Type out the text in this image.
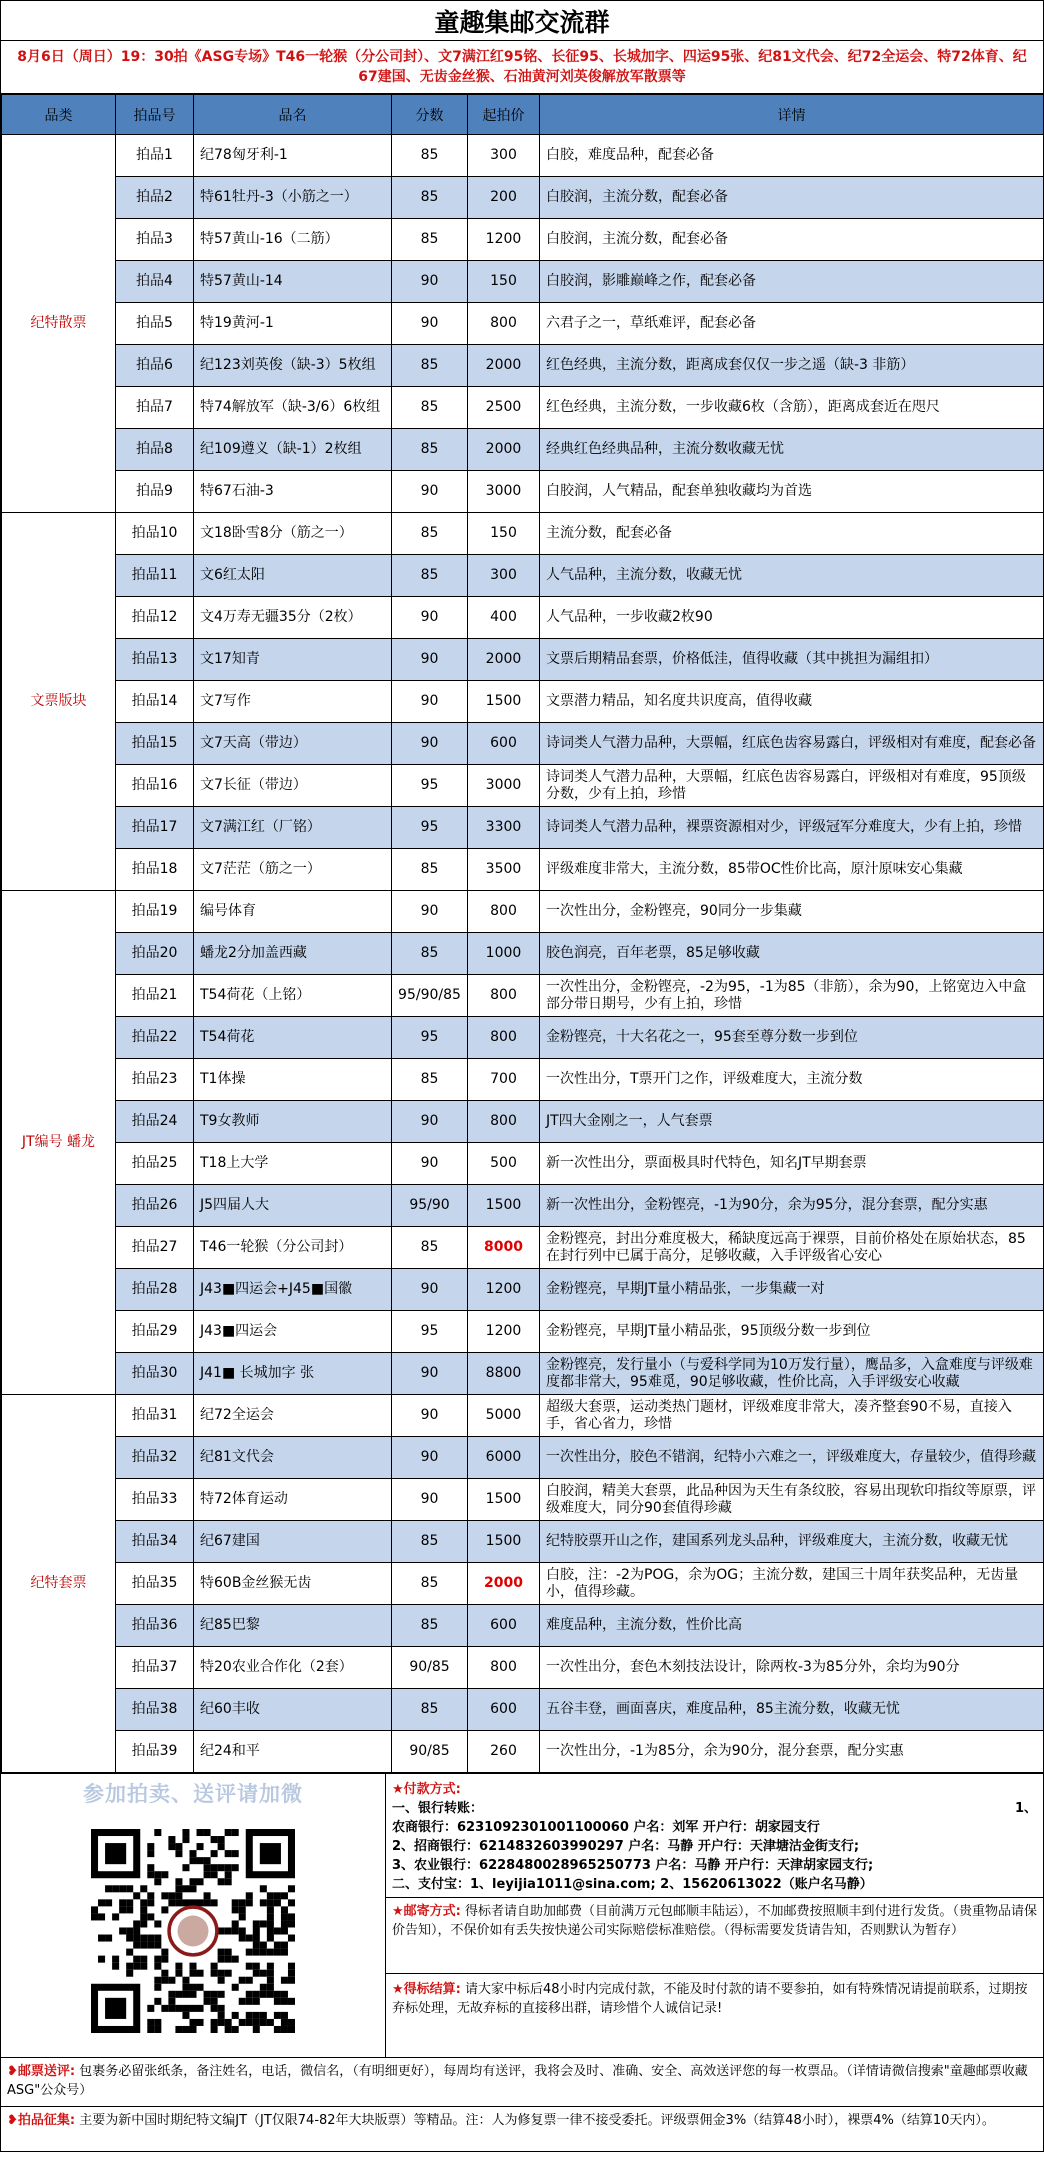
童趣集邮交流群
8月6日（周日）19：30拍《ASG专场》T46一轮猴（分公司封）、文7满江红95铭、长征95、长城加字、四运95张、纪81文代会、纪72全运会、特72体育、纪67建国、无齿金丝猴、石油黄河刘英俊解放军散票等
品类	拍品号	品名	分数	起拍价	详情
纪特散票	拍品1	纪78匈牙利-1	85	300	白胶，难度品种，配套必备
	拍品2	特61牡丹-3（小筋之一）	85	200	白胶润，主流分数，配套必备
	拍品3	特57黄山-16（二筋）	85	1200	白胶润，主流分数，配套必备
	拍品4	特57黄山-14	90	150	白胶润，影雕巅峰之作，配套必备
	拍品5	特19黄河-1	90	800	六君子之一，草纸难评，配套必备
	拍品6	纪123刘英俊（缺-3）5枚组	85	2000	红色经典，主流分数，距离成套仅仅一步之遥（缺-3 非筋）
	拍品7	特74解放军（缺-3/6）6枚组	85	2500	红色经典，主流分数，一步收藏6枚（含筋），距离成套近在咫尺
	拍品8	纪109遵义（缺-1）2枚组	85	2000	经典红色经典品种，主流分数收藏无忧
	拍品9	特67石油-3	90	3000	白胶润，人气精品，配套单独收藏均为首选
文票版块	拍品10	文18卧雪8分（筋之一）	85	150	主流分数，配套必备
	拍品11	文6红太阳	85	300	人气品种，主流分数，收藏无忧
	拍品12	文4万寿无疆35分（2枚）	90	400	人气品种，一步收藏2枚90
	拍品13	文17知青	90	2000	文票后期精品套票，价格低洼，值得收藏（其中挑担为漏组扣）
	拍品14	文7写作	90	1500	文票潜力精品，知名度共识度高，值得收藏
	拍品15	文7天高（带边）	90	600	诗词类人气潜力品种，大票幅，红底色齿容易露白，评级相对有难度，配套必备
	拍品16	文7长征（带边）	95	3000	诗词类人气潜力品种，大票幅，红底色齿容易露白，评级相对有难度，95顶级分数，少有上拍，珍惜
	拍品17	文7满江红（厂铭）	95	3300	诗词类人气潜力品种，裸票资源相对少，评级冠军分难度大，少有上拍，珍惜
	拍品18	文7茫茫（筋之一）	85	3500	评级难度非常大，主流分数，85带OC性价比高，原汁原味安心集藏
JT编号 蟠龙	拍品19	编号体育	90	800	一次性出分，金粉铿亮，90同分一步集藏
	拍品20	蟠龙2分加盖西藏	85	1000	胶色润亮，百年老票，85足够收藏
	拍品21	T54荷花（上铭）	95/90/85	800	一次性出分，金粉铿亮，-2为95，-1为85（非筋），余为90，上铭宽边入中盒部分带日期号，少有上拍，珍惜
	拍品22	T54荷花	95	800	金粉铿亮，十大名花之一，95套至尊分数一步到位
	拍品23	T1体操	85	700	一次性出分，T票开门之作，评级难度大，主流分数
	拍品24	T9女教师	90	800	JT四大金刚之一，人气套票
	拍品25	T18上大学	90	500	新一次性出分，票面极具时代特色，知名JT早期套票
	拍品26	J5四届人大	95/90	1500	新一次性出分，金粉铿亮，-1为90分，余为95分，混分套票，配分实惠
	拍品27	T46一轮猴（分公司封）	85	8000	金粉铿亮，封出分难度极大，稀缺度远高于裸票，目前价格处在原始状态，85在封行列中已属于高分，足够收藏，入手评级省心安心
	拍品28	J43■四运会+J45■国徽	90	1200	金粉铿亮，早期JT量小精品张，一步集藏一对
	拍品29	J43■四运会	95	1200	金粉铿亮，早期JT量小精品张，95顶级分数一步到位
	拍品30	J41■ 长城加字 张	90	8800	金粉铿亮，发行量小（与爱科学同为10万发行量），鹰品多，入盒难度与评级难度都非常大，95难觅，90足够收藏，性价比高，入手评级安心收藏
纪特套票	拍品31	纪72全运会	90	5000	超级大套票，运动类热门题材，评级难度非常大，凑齐整套90不易，直接入手，省心省力，珍惜
	拍品32	纪81文代会	90	6000	一次性出分，胶色不错润，纪特小六难之一，评级难度大，存量较少，值得珍藏
	拍品33	特72体育运动	90	1500	白胶润，精美大套票，此品种因为天生有条纹胶，容易出现软印指纹等原票，评级难度大，同分90套值得珍藏
	拍品34	纪67建国	85	1500	纪特胶票开山之作，建国系列龙头品种，评级难度大，主流分数，收藏无忧
	拍品35	特60B金丝猴无齿	85	2000	白胶，注：-2为POG，余为OG；主流分数，建国三十周年获奖品种，无齿量小，值得珍藏。
	拍品36	纪85巴黎	85	600	难度品种，主流分数，性价比高
	拍品37	特20农业合作化（2套）	90/85	800	一次性出分，套色木刻技法设计，除两枚-3为85分外，余均为90分
	拍品38	纪60丰收	85	600	五谷丰登，画面喜庆，难度品种，85主流分数，收藏无忧
	拍品39	纪24和平	90/85	260	一次性出分，-1为85分，余为90分，混分套票，配分实惠
参加拍卖、送评请加微	★付款方式:
一、银行转账：	1、
农商银行：6231092301001100060 户名：刘军 开户行：胡家园支行
2、招商银行：6214832603990297 户名：马静 开户行：天津塘沽金街支行;
3、农业银行：6228480028965250773 户名：马静 开户行：天津胡家园支行;
二、支付宝：1、leyijia1011@sina.com; 2、15620613022（账户名马静）
★邮寄方式: 得标者请自助加邮费（目前满万元包邮顺丰陆运），不加邮费按照顺丰到付进行发货。（贵重物品请保价告知），不保价如有丢失按快递公司实际赔偿标准赔偿。（得标需要发货请告知，否则默认为暂存）
★得标结算: 请大家中标后48小时内完成付款，不能及时付款的请不要参拍，如有特殊情况请提前联系，过期按弃标处理，无故弃标的直接移出群，请珍惜个人诚信记录!
❥邮票送评: 包裹务必留张纸条，备注姓名，电话，微信名，（有明细更好），每周均有送评，我将会及时、准确、安全、高效送评您的每一枚票品。（详情请微信搜索"童趣邮票收藏ASG"公众号）
❥拍品征集: 主要为新中国时期纪特文编JT（JT仅限74-82年大块版票）等精品。注：人为修复票一律不接受委托。评级票佣金3%（结算48小时），裸票4%（结算10天内）。
